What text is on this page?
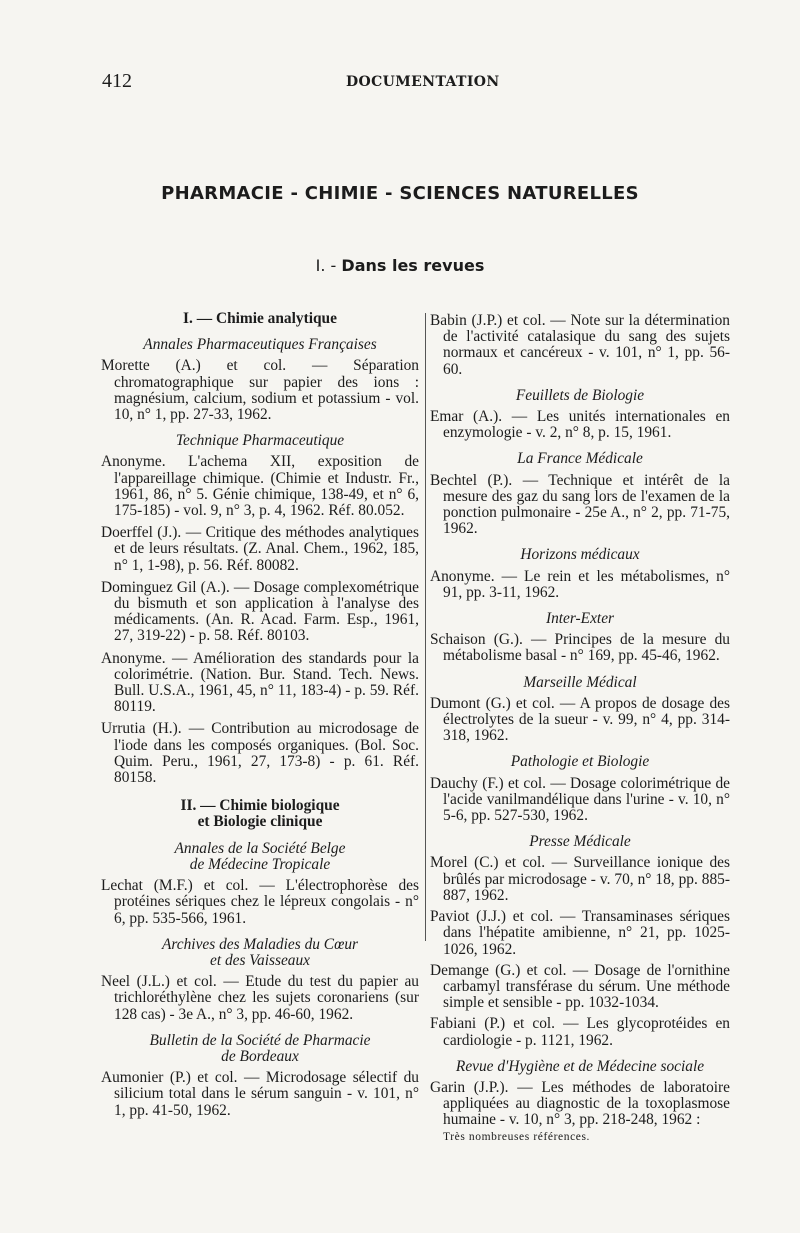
412	DOCUMENTATION
PHARMACIE - CHIMIE - SCIENCES NATURELLES
I. - Dans les revues
I. — Chimie analytique
Annales Pharmaceutiques Françaises
Morette (A.) et col. — Séparation chromatographique sur papier des ions : magnésium, calcium, sodium et potassium - vol. 10, n° 1, pp. 27-33, 1962.
Technique Pharmaceutique
Anonyme. L'achema XII, exposition de l'appareillage chimique. (Chimie et Industr. Fr., 1961, 86, n° 5. Génie chimique, 138-49, et n° 6, 175-185) - vol. 9, n° 3, p. 4, 1962. Réf. 80.052.
Doerffel (J.). — Critique des méthodes analytiques et de leurs résultats. (Z. Anal. Chem., 1962, 185, n° 1, 1-98), p. 56. Réf. 80082.
Dominguez Gil (A.). — Dosage complexométrique du bismuth et son application à l'analyse des médicaments. (An. R. Acad. Farm. Esp., 1961, 27, 319-22) - p. 58. Réf. 80103.
Anonyme. — Amélioration des standards pour la colorimétrie. (Nation. Bur. Stand. Tech. News. Bull. U.S.A., 1961, 45, n° 11, 183-4) - p. 59. Réf. 80119.
Urrutia (H.). — Contribution au microdosage de l'iode dans les composés organiques. (Bol. Soc. Quim. Peru., 1961, 27, 173-8) - p. 61. Réf. 80158.
II. — Chimie biologique
et Biologie clinique
Annales de la Société Belge
de Médecine Tropicale
Lechat (M.F.) et col. — L'électrophorèse des protéines sériques chez le lépreux congolais - n° 6, pp. 535-566, 1961.
Archives des Maladies du Cœur
et des Vaisseaux
Neel (J.L.) et col. — Etude du test du papier au trichloréthylène chez les sujets coronariens (sur 128 cas) - 3e A., n° 3, pp. 46-60, 1962.
Bulletin de la Société de Pharmacie
de Bordeaux
Aumonier (P.) et col. — Microdosage sélectif du silicium total dans le sérum sanguin - v. 101, n° 1, pp. 41-50, 1962.
Babin (J.P.) et col. — Note sur la détermination de l'activité catalasique du sang des sujets normaux et cancéreux - v. 101, n° 1, pp. 56-60.
Feuillets de Biologie
Emar (A.). — Les unités internationales en enzymologie - v. 2, n° 8, p. 15, 1961.
La France Médicale
Bechtel (P.). — Technique et intérêt de la mesure des gaz du sang lors de l'examen de la ponction pulmonaire - 25e A., n° 2, pp. 71-75, 1962.
Horizons médicaux
Anonyme. — Le rein et les métabolismes, n° 91, pp. 3-11, 1962.
Inter-Exter
Schaison (G.). — Principes de la mesure du métabolisme basal - n° 169, pp. 45-46, 1962.
Marseille Médical
Dumont (G.) et col. — A propos de dosage des électrolytes de la sueur - v. 99, n° 4, pp. 314-318, 1962.
Pathologie et Biologie
Dauchy (F.) et col. — Dosage colorimétrique de l'acide vanilmandélique dans l'urine - v. 10, n° 5-6, pp. 527-530, 1962.
Presse Médicale
Morel (C.) et col. — Surveillance ionique des brûlés par microdosage - v. 70, n° 18, pp. 885-887, 1962.
Paviot (J.J.) et col. — Transaminases sériques dans l'hépatite amibienne, n° 21, pp. 1025-1026, 1962.
Demange (G.) et col. — Dosage de l'ornithine carbamyl transférase du sérum. Une méthode simple et sensible - pp. 1032-1034.
Fabiani (P.) et col. — Les glycoprotéides en cardiologie - p. 1121, 1962.
Revue d'Hygiène et de Médecine sociale
Garin (J.P.). — Les méthodes de laboratoire appliquées au diagnostic de la toxoplasmose humaine - v. 10, n° 3, pp. 218-248, 1962 :
Très nombreuses références.
